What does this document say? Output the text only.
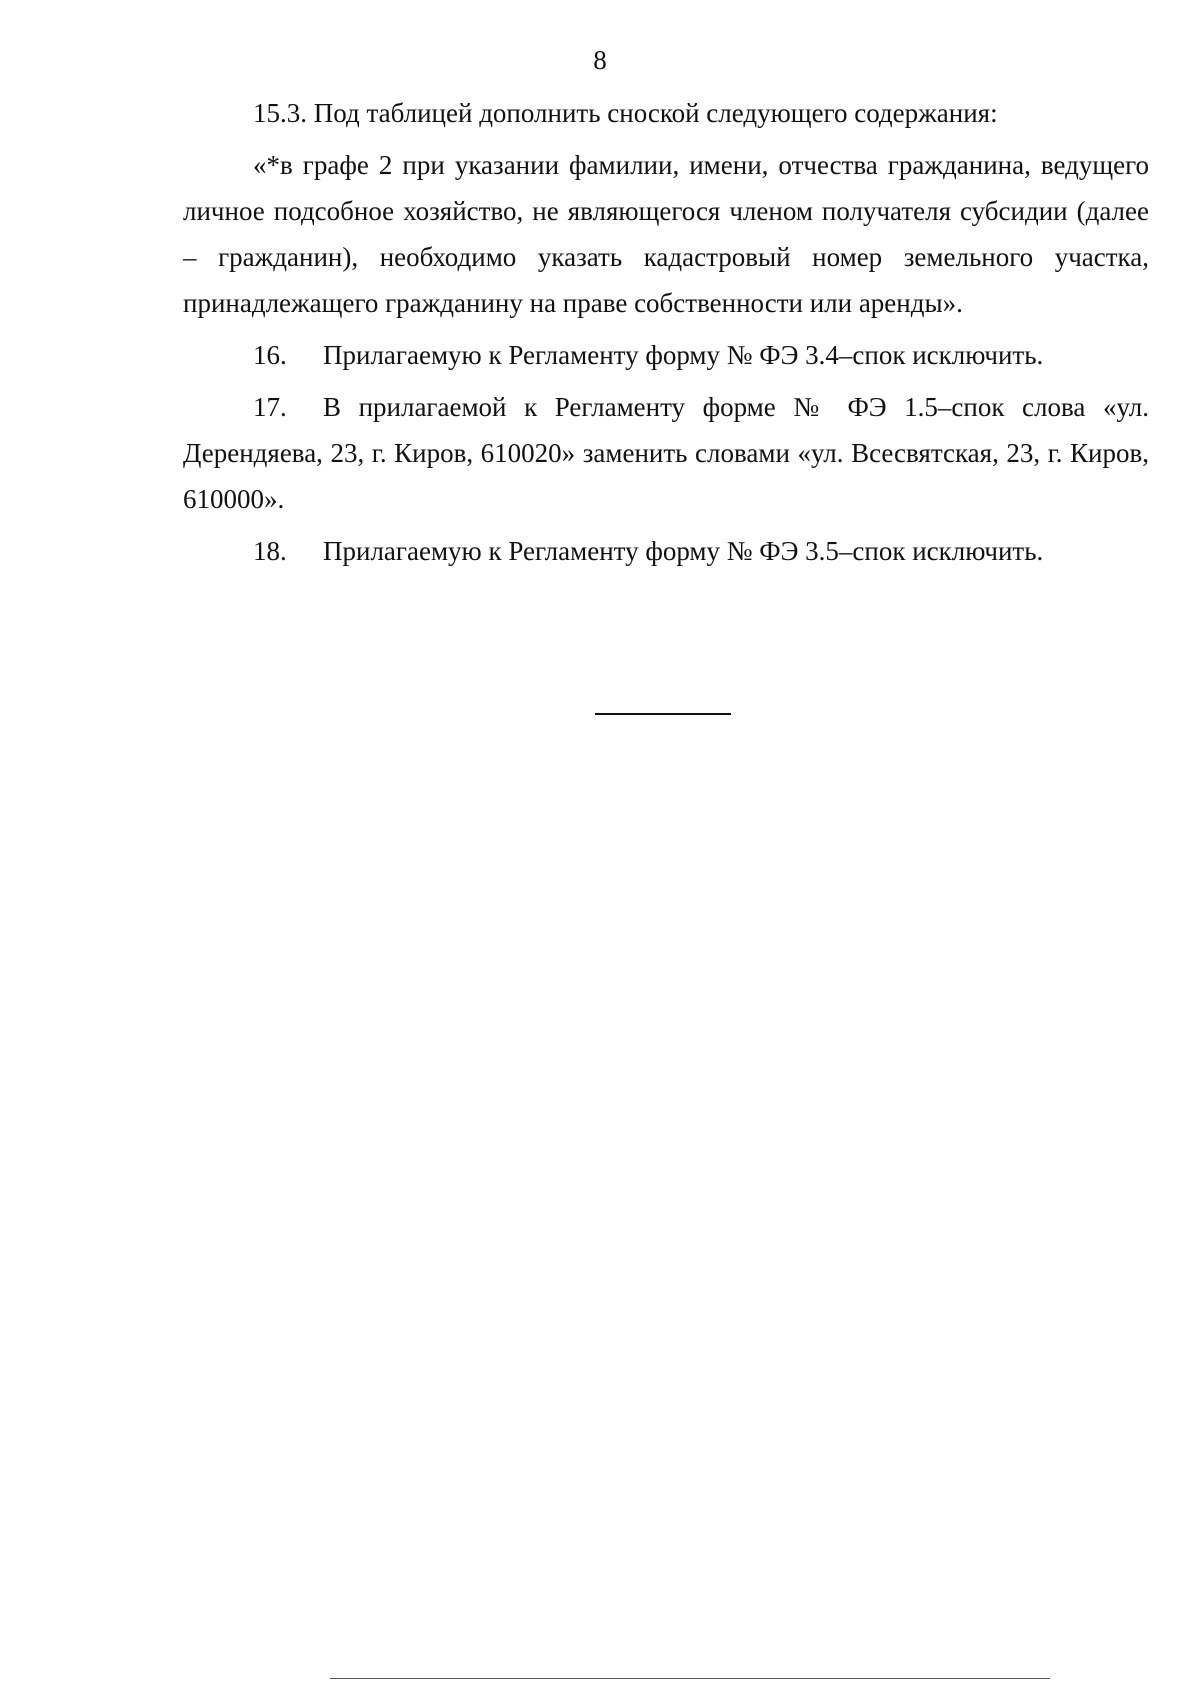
8

15.3. Под таблицей дополнить сноской следующего содержания:

«*в графе 2 при указании фамилии, имени, отчества гражданина, ведущего личное подсобное хозяйство, не являющегося членом получателя субсидии (далее – гражданин), необходимо указать кадастровый номер земельного участка, принадлежащего гражданину на праве собственности или аренды».

16. Прилагаемую к Регламенту форму № ФЭ 3.4–спок исключить.

17. В прилагаемой к Регламенту форме № ФЭ 1.5–спок слова «ул. Дерендяева, 23, г. Киров, 610020» заменить словами «ул. Всесвятская, 23, г. Киров, 610000».

18. Прилагаемую к Регламенту форму № ФЭ 3.5–спок исключить.
